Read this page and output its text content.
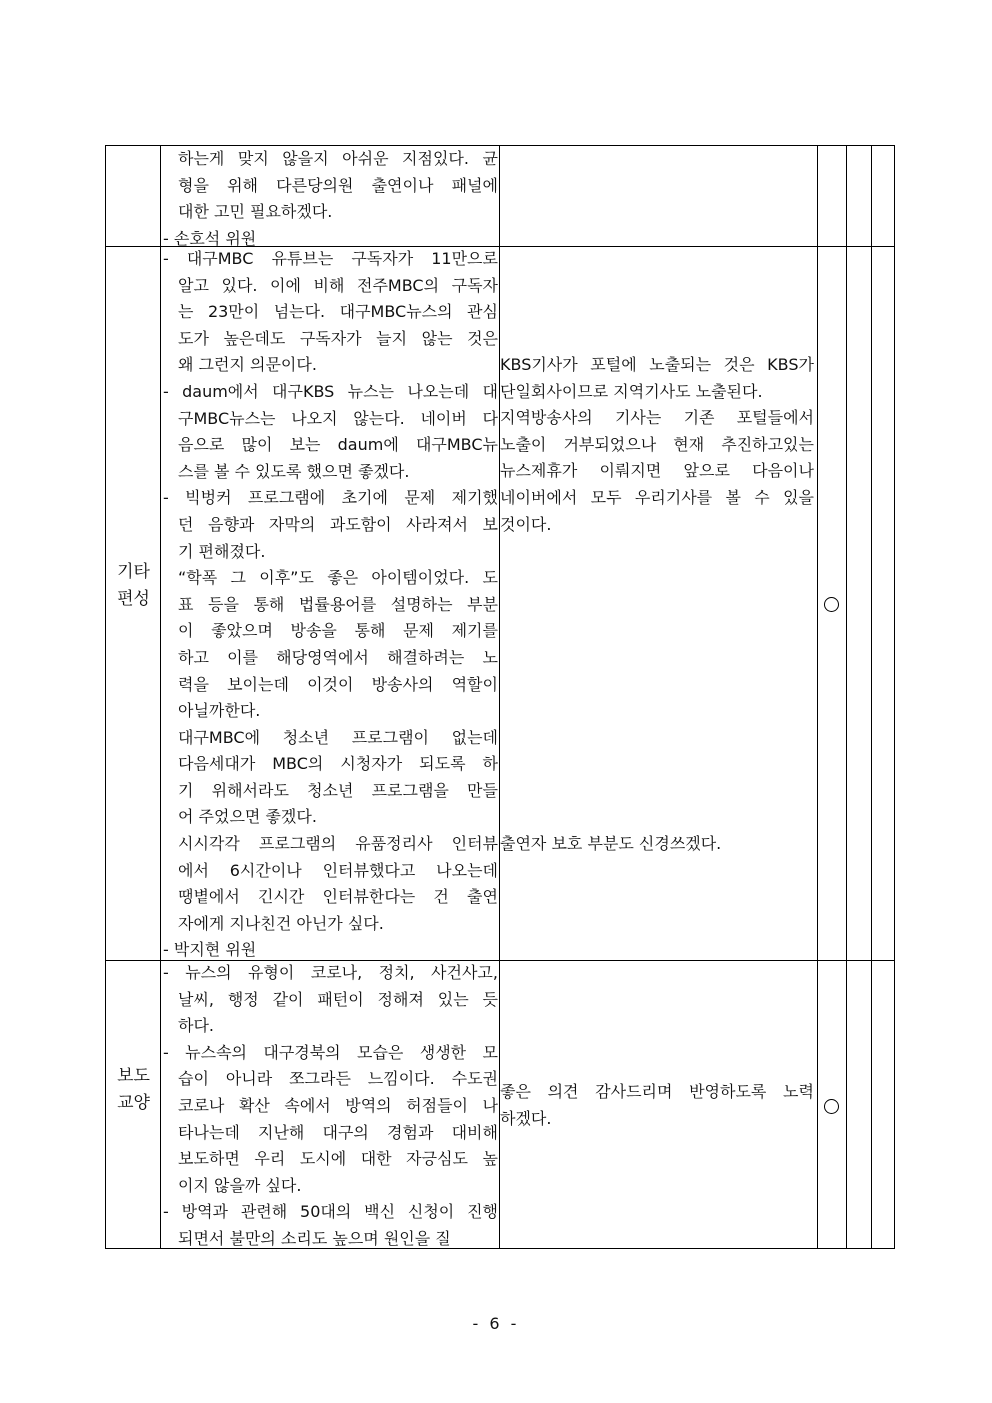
하는게 맞지 않을지 아쉬운 지점있다. 균
형을 위해 다른당의원 출연이나 패널에
대한 고민 필요하겠다.
- 손호석 위원
기타
편성
- 대구MBC 유튜브는 구독자가 11만으로
알고 있다. 이에 비해 전주MBC의 구독자
는 23만이 넘는다. 대구MBC뉴스의 관심
도가 높은데도 구독자가 늘지 않는 것은
왜 그런지 의문이다.
- daum에서 대구KBS 뉴스는 나오는데 대
구MBC뉴스는 나오지 않는다. 네이버 다
음으로 많이 보는 daum에 대구MBC뉴
스를 볼 수 있도록 했으면 좋겠다.
- 빅벙커 프로그램에 초기에 문제 제기했
던 음향과 자막의 과도함이 사라져서 보
기 편해졌다.
“학폭 그 이후”도 좋은 아이템이었다. 도
표 등을 통해 법률용어를 설명하는 부분
이 좋았으며 방송을 통해 문제 제기를
하고 이를 해당영역에서 해결하려는 노
력을 보이는데 이것이 방송사의 역할이
아닐까한다.
대구MBC에 청소년 프로그램이 없는데
다음세대가 MBC의 시청자가 되도록 하
기 위해서라도 청소년 프로그램을 만들
어 주었으면 좋겠다.
시시각각 프로그램의 유품정리사 인터뷰
에서 6시간이나 인터뷰했다고 나오는데
땡볕에서 긴시간 인터뷰한다는 건 출연
자에게 지나친건 아닌가 싶다.
- 박지현 위원
KBS기사가 포털에 노출되는 것은 KBS가
단일회사이므로 지역기사도 노출된다.
지역방송사의 기사는 기존 포털들에서
노출이 거부되었으나 현재 추진하고있는
뉴스제휴가 이뤄지면 앞으로 다음이나
네이버에서 모두 우리기사를 볼 수 있을
것이다.
출연자 보호 부분도 신경쓰겠다.
보도
교양
- 뉴스의 유형이 코로나, 정치, 사건사고,
날씨, 행정 같이 패턴이 정해져 있는 듯
하다.
- 뉴스속의 대구경북의 모습은 생생한 모
습이 아니라 쪼그라든 느낌이다. 수도권
코로나 확산 속에서 방역의 허점들이 나
타나는데 지난해 대구의 경험과 대비해
보도하면 우리 도시에 대한 자긍심도 높
이지 않을까 싶다.
- 방역과 관련해 50대의 백신 신청이 진행
되면서 불만의 소리도 높으며 원인을 질
좋은 의견 감사드리며 반영하도록 노력
하겠다.
- 6 -
